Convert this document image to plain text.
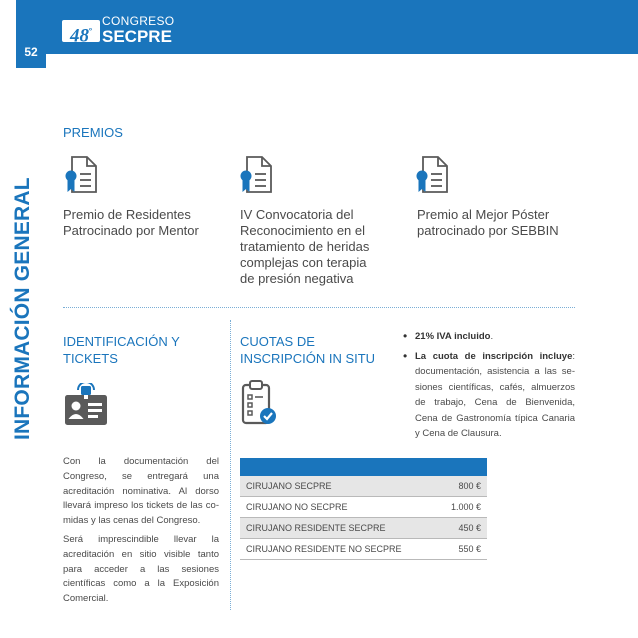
52
$48^º$
CONGRESO
SECPRE
INFORMACIÓN GENERAL
PREMIOS
Premio de Residentes
Patrocinado por Mentor
IV Convocatoria del
Reconocimiento en el
tratamiento de heridas
complejas con terapia
de presión negativa
Premio al Mejor Póster
patrocinado por SEBBIN
IDENTIFICACIÓN Y
TICKETS

Con la documentación del Congreso, se entregará una acreditación nominativa. Al dorso llevará impreso los tickets de las co-midas y las cenas del Congreso.

Será imprescindible llevar la acreditación en sitio visible tanto para acceder a las sesiones científicas como a la Exposición Comercial.

CUOTAS DE
INSCRIPCIÓN IN SITU
• 21% IVA incluido.
• La cuota de inscripción incluye: documentación, asistencia a las se-siones científicas, cafés, almuerzos de trabajo, Cena de Bienvenida, Cena de Gastronomía típica Canaria y Cena de Clausura.

CIRUJANO SECPRE	800 €
CIRUJANO NO SECPRE	1.000 €
CIRUJANO RESIDENTE SECPRE	450 €
CIRUJANO RESIDENTE NO SECPRE	550 €
